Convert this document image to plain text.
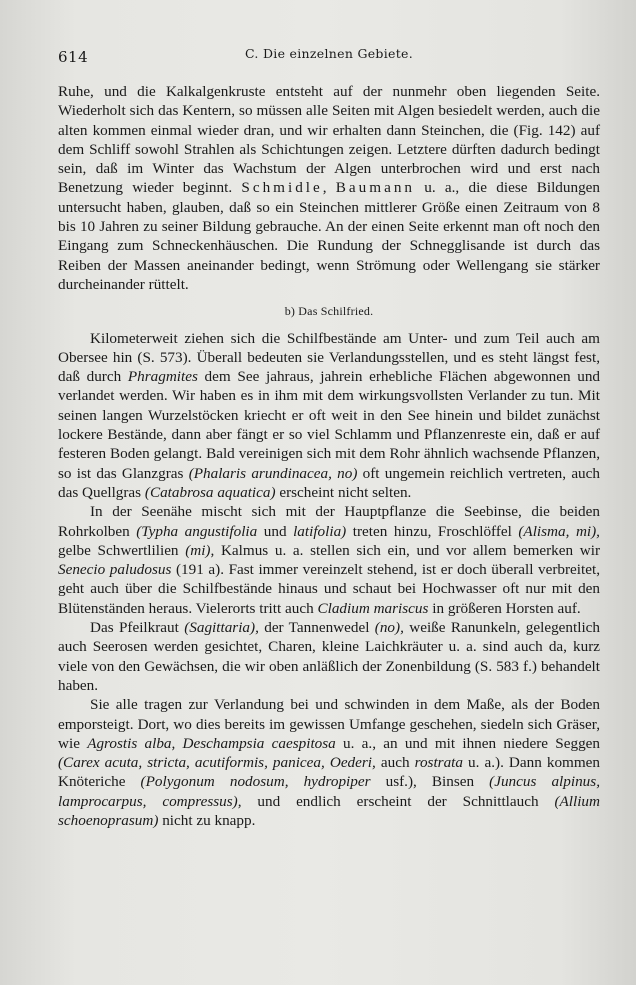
614	C. Die einzelnen Gebiete.

Ruhe, und die Kalkalgenkruste entsteht auf der nunmehr oben liegenden Seite. Wiederholt sich das Kentern, so müssen alle Seiten mit Algen besiedelt werden, auch die alten kommen einmal wieder dran, und wir erhalten dann Steinchen, die (Fig. 142) auf dem Schliff sowohl Strahlen als Schichtungen zeigen. Letztere dürften dadurch bedingt sein, daß im Winter das Wachstum der Algen unterbrochen wird und erst nach Benetzung wieder beginnt. Schmidle, Baumann u. a., die diese Bildungen untersucht haben, glauben, daß so ein Steinchen mittlerer Größe einen Zeitraum von 8 bis 10 Jahren zu seiner Bildung gebrauche. An der einen Seite erkennt man oft noch den Eingang zum Schneckenhäuschen. Die Rundung der Schnegglisande ist durch das Reiben der Massen aneinander bedingt, wenn Strömung oder Wellengang sie stärker durcheinander rüttelt.

b) Das Schilfried.

Kilometerweit ziehen sich die Schilfbestände am Unter- und zum Teil auch am Obersee hin (S. 573). Überall bedeuten sie Verlandungsstellen, und es steht längst fest, daß durch Phragmites dem See jahraus, jahrein erhebliche Flächen abgewonnen und verlandet werden. Wir haben es in ihm mit dem wirkungsvollsten Verlander zu tun. Mit seinen langen Wurzelstöcken kriecht er oft weit in den See hinein und bildet zunächst lockere Bestände, dann aber fängt er so viel Schlamm und Pflanzenreste ein, daß er auf festeren Boden gelangt. Bald vereinigen sich mit dem Rohr ähnlich wachsende Pflanzen, so ist das Glanzgras (Phalaris arundinacea, no) oft ungemein reichlich vertreten, auch das Quellgras (Catabrosa aquatica) erscheint nicht selten.

In der Seenähe mischt sich mit der Hauptpflanze die Seebinse, die beiden Rohrkolben (Typha angustifolia und latifolia) treten hinzu, Froschlöffel (Alisma, mi), gelbe Schwertlilien (mi), Kalmus u. a. stellen sich ein, und vor allem bemerken wir Senecio paludosus (191 a). Fast immer vereinzelt stehend, ist er doch überall verbreitet, geht auch über die Schilfbestände hinaus und schaut bei Hochwasser oft nur mit den Blütenständen heraus. Vielerorts tritt auch Cladium mariscus in größeren Horsten auf.

Das Pfeilkraut (Sagittaria), der Tannenwedel (no), weiße Ranunkeln, gelegentlich auch Seerosen werden gesichtet, Charen, kleine Laichkräuter u. a. sind auch da, kurz viele von den Gewächsen, die wir oben anläßlich der Zonenbildung (S. 583 f.) behandelt haben.

Sie alle tragen zur Verlandung bei und schwinden in dem Maße, als der Boden emporsteigt. Dort, wo dies bereits im gewissen Umfange geschehen, siedeln sich Gräser, wie Agrostis alba, Deschampsia caespitosa u. a., an und mit ihnen niedere Seggen (Carex acuta, stricta, acutiformis, panicea, Oederi, auch rostrata u. a.). Dann kommen Knöteriche (Polygonum nodosum, hydropiper usf.), Binsen (Juncus alpinus, lamprocarpus, compressus), und endlich erscheint der Schnittlauch (Allium schoenoprasum) nicht zu knapp.
